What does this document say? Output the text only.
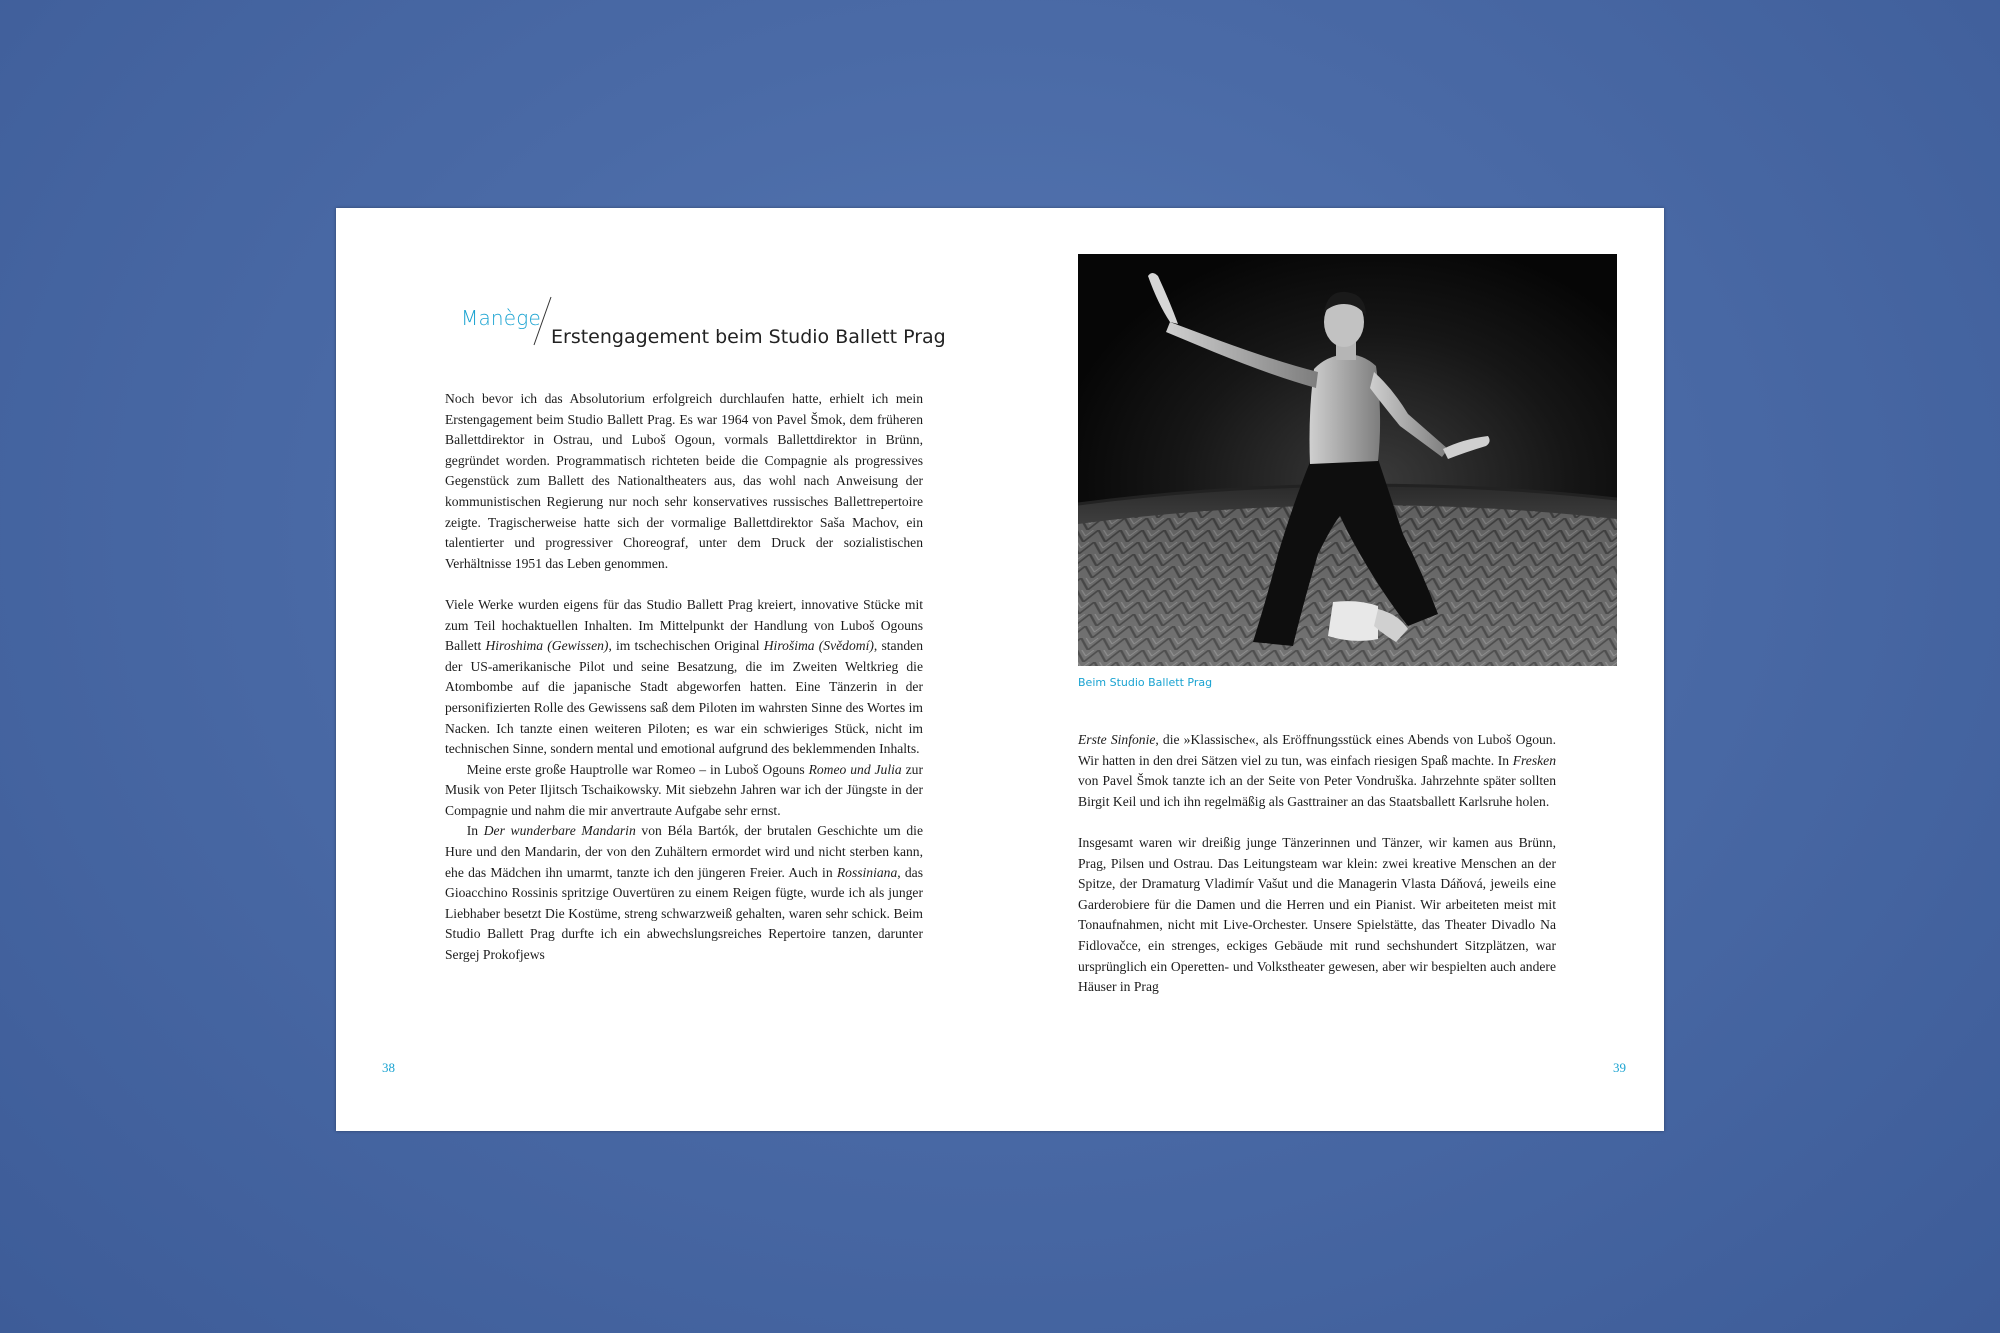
Manège
Erstengagement beim Studio Ballett Prag

Noch bevor ich das Absolutorium erfolgreich durchlaufen hatte, erhielt ich mein Erstengagement beim Studio Ballett Prag. Es war 1964 von Pavel Šmok, dem früheren Ballettdirektor in Ostrau, und Luboš Ogoun, vormals Ballettdirektor in Brünn, gegründet worden. Programmatisch richteten beide die Compagnie als progressives Gegenstück zum Ballett des Nationaltheaters aus, das wohl nach Anweisung der kommunistischen Regierung nur noch sehr konservatives russisches Ballettrepertoire zeigte. Tragischerweise hatte sich der vormalige Ballettdirektor Saša Machov, ein talentierter und progressiver Choreograf, unter dem Druck der sozialistischen Verhältnisse 1951 das Leben genommen.

Viele Werke wurden eigens für das Studio Ballett Prag kreiert, innovative Stücke mit zum Teil hochaktuellen Inhalten. Im Mittelpunkt der Handlung von Luboš Ogouns Ballett Hiroshima (Gewissen), im tschechischen Original Hirošima (Svědomí), standen der US-amerikanische Pilot und seine Besatzung, die im Zweiten Weltkrieg die Atombombe auf die japanische Stadt abgeworfen hatten. Eine Tänzerin in der personifizierten Rolle des Gewissens saß dem Piloten im wahrsten Sinne des Wortes im Nacken. Ich tanzte einen weiteren Piloten; es war ein schwieriges Stück, nicht im technischen Sinne, sondern mental und emotional aufgrund des beklemmenden Inhalts.

Meine erste große Hauptrolle war Romeo – in Luboš Ogouns Romeo und Julia zur Musik von Peter Iljitsch Tschaikowsky. Mit siebzehn Jahren war ich der Jüngste in der Compagnie und nahm die mir anvertraute Aufgabe sehr ernst.

In Der wunderbare Mandarin von Béla Bartók, der brutalen Geschichte um die Hure und den Mandarin, der von den Zuhältern ermordet wird und nicht sterben kann, ehe das Mädchen ihn umarmt, tanzte ich den jüngeren Freier. Auch in Rossiniana, das Gioacchino Rossinis spritzige Ouvertüren zu einem Reigen fügte, wurde ich als junger Liebhaber besetzt Die Kostüme, streng schwarzweiß gehalten, waren sehr schick. Beim Studio Ballett Prag durfte ich ein abwechslungsreiches Repertoire tanzen, darunter Sergej Prokofjews

38
Beim Studio Ballett Prag

Erste Sinfonie, die »Klassische«, als Eröffnungsstück eines Abends von Luboš Ogoun. Wir hatten in den drei Sätzen viel zu tun, was einfach riesigen Spaß machte. In Fresken von Pavel Šmok tanzte ich an der Seite von Peter Vondruška. Jahrzehnte später sollten Birgit Keil und ich ihn regelmäßig als Gasttrainer an das Staatsballett Karlsruhe holen.

Insgesamt waren wir dreißig junge Tänzerinnen und Tänzer, wir kamen aus Brünn, Prag, Pilsen und Ostrau. Das Leitungsteam war klein: zwei kreative Menschen an der Spitze, der Dramaturg Vladimír Vašut und die Managerin Vlasta Dáňová, jeweils eine Garderobiere für die Damen und die Herren und ein Pianist. Wir arbeiteten meist mit Tonaufnahmen, nicht mit Live-Orchester. Unsere Spielstätte, das Theater Divadlo Na Fidlovačce, ein strenges, eckiges Gebäude mit rund sechshundert Sitzplätzen, war ursprünglich ein Operetten- und Volkstheater gewesen, aber wir bespielten auch andere Häuser in Prag

39
